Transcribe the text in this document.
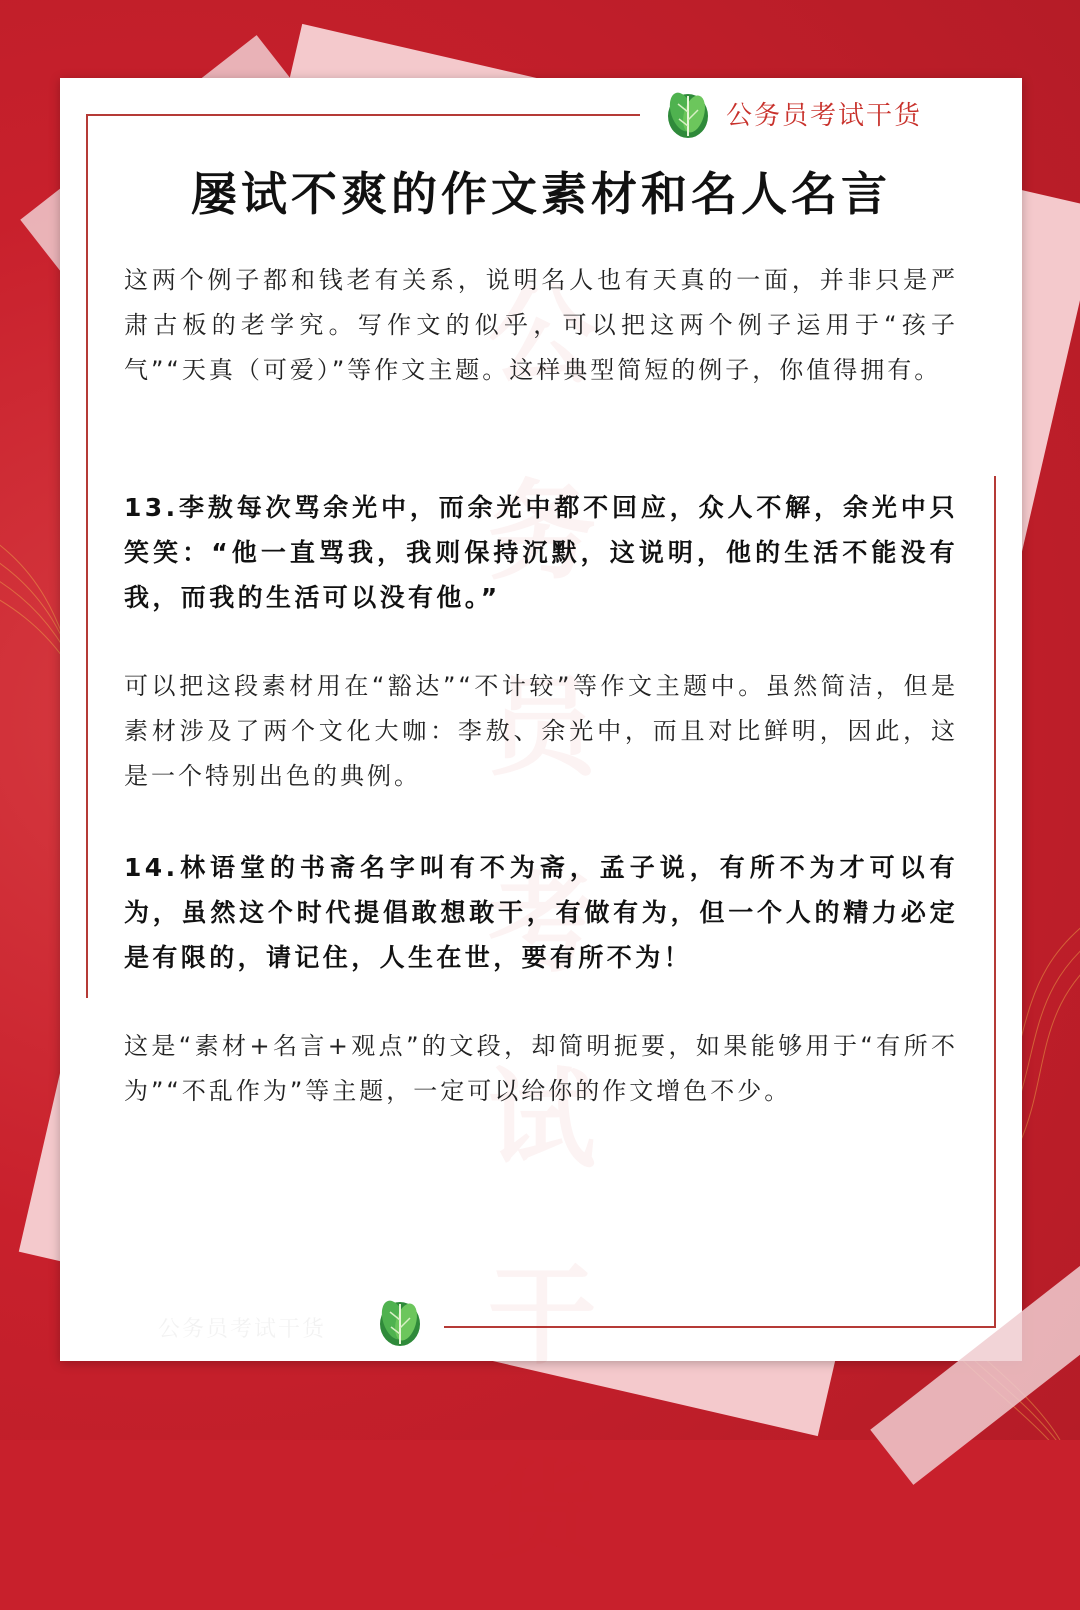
公务员考试干货
屡试不爽的作文素材和名人名言
公务员考试干货

这两个例子都和钱老有关系，说明名人也有天真的一面，并非只是严肃古板的老学究。写作文的似乎，可以把这两个例子运用于“孩子气”“天真（可爱）”等作文主题。这样典型简短的例子，你值得拥有。

13.李敖每次骂余光中，而余光中都不回应，众人不解，余光中只笑笑：“他一直骂我，我则保持沉默，这说明，他的生活不能没有我，而我的生活可以没有他。”

可以把这段素材用在“豁达”“不计较”等作文主题中。虽然简洁，但是素材涉及了两个文化大咖：李敖、余光中，而且对比鲜明，因此，这是一个特别出色的典例。

14.林语堂的书斋名字叫有不为斋，孟子说，有所不为才可以有为，虽然这个时代提倡敢想敢干，有做有为，但一个人的精力必定是有限的，请记住，人生在世，要有所不为！

这是“素材+名言+观点”的文段，却简明扼要，如果能够用于“有所不为”“不乱作为”等主题，一定可以给你的作文增色不少。

公务员考试干货
